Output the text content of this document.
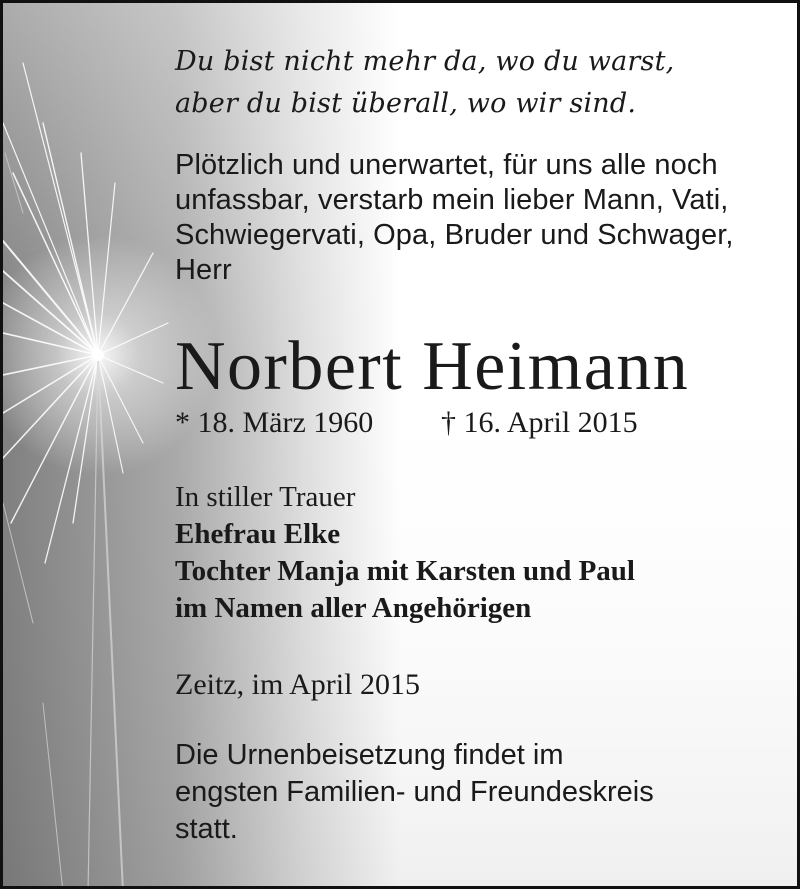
Du bist nicht mehr da, wo du warst,
aber du bist überall, wo wir sind.
Plötzlich und unerwartet, für uns alle noch
unfassbar, verstarb mein lieber Mann, Vati,
Schwiegervati, Opa, Bruder und Schwager,
Herr
Norbert Heimann
* 18. März 1960 † 16. April 2015
In stiller Trauer
Ehefrau Elke
Tochter Manja mit Karsten und Paul
im Namen aller Angehörigen
Zeitz, im April 2015
Die Urnenbeisetzung findet im
engsten Familien- und Freundeskreis
statt.
